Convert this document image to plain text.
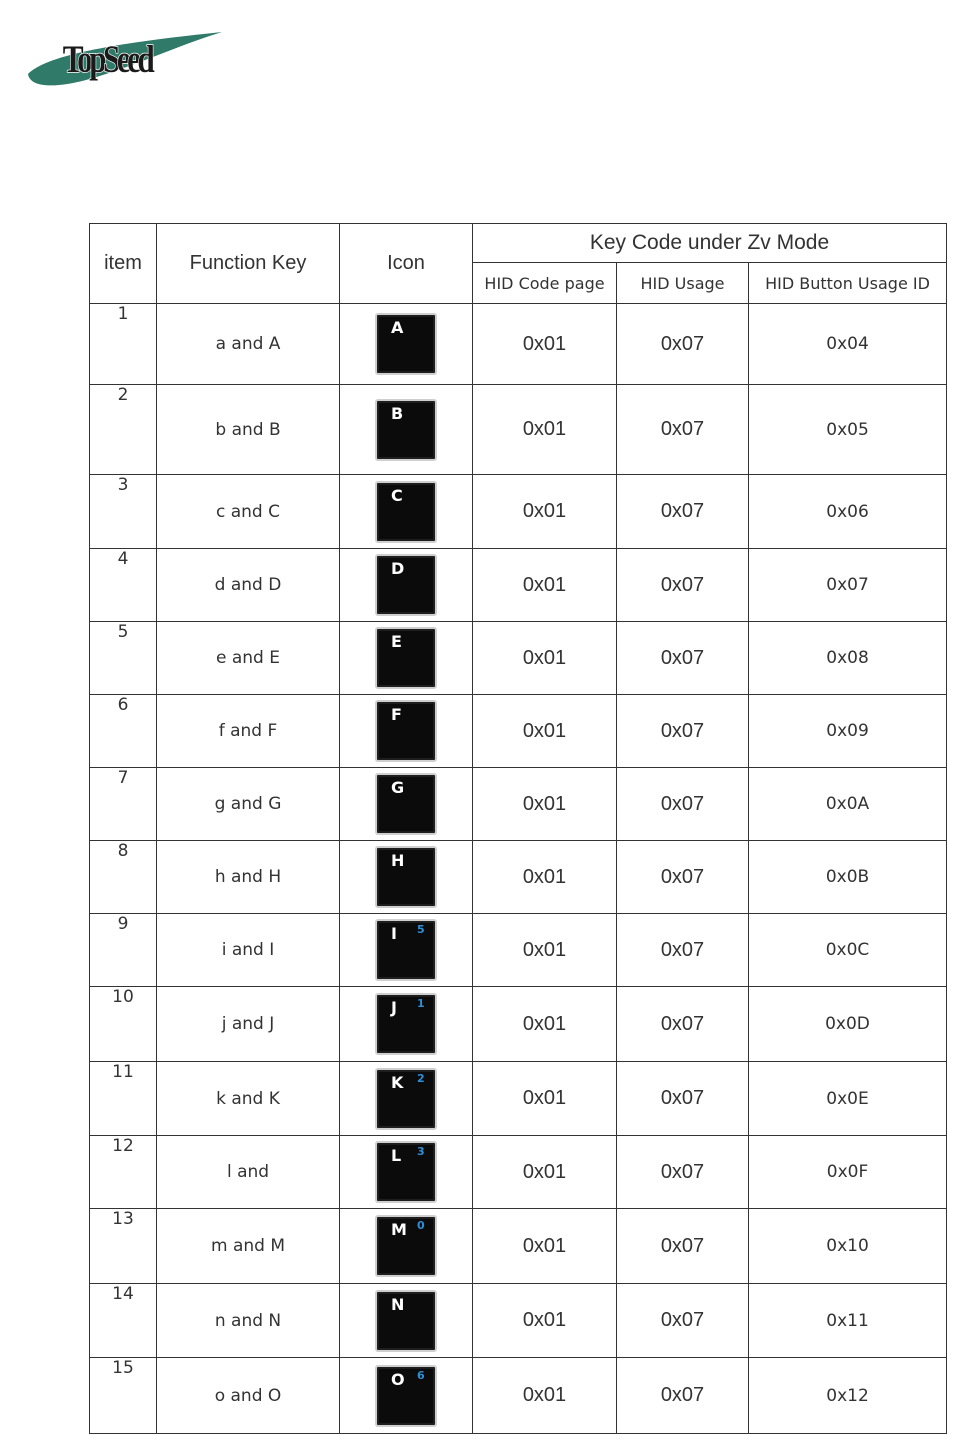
TopSeed
item	Function Key	Icon	Key Code under Zv Mode		
			HID Code page	HID Usage	HID Button Usage ID
1	a and A	A	0x01	0x07	0x04
2	b and B	B	0x01	0x07	0x05
3	c and C	C	0x01	0x07	0x06
4	d and D	D	0x01	0x07	0x07
5	e and E	E	0x01	0x07	0x08
6	f and F	F	0x01	0x07	0x09
7	g and G	G	0x01	0x07	0x0A
8	h and H	H	0x01	0x07	0x0B
9	i and I	I 5	0x01	0x07	0x0C
10	j and J	J 1	0x01	0x07	0x0D
11	k and K	K 2	0x01	0x07	0x0E
12	l and	L 3	0x01	0x07	0x0F
13	m and M	M 0	0x01	0x07	0x10
14	n and N	N	0x01	0x07	0x11
15	o and O	O 6	0x01	0x07	0x12
